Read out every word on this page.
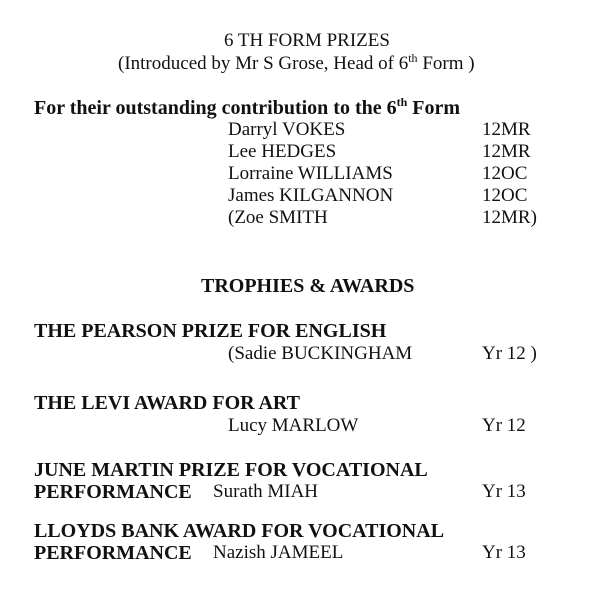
6 TH FORM PRIZES
(Introduced by Mr S Grose, Head of 6th Form )
For their outstanding contribution to the 6th Form
Darryl VOKES	12MR
Lee HEDGES	12MR
Lorraine WILLIAMS	12OC
James KILGANNON	12OC
(Zoe SMITH	12MR)
TROPHIES & AWARDS
THE PEARSON PRIZE FOR ENGLISH
(Sadie BUCKINGHAM	Yr 12 )
THE LEVI AWARD FOR ART
Lucy MARLOW	Yr 12
JUNE MARTIN PRIZE FOR VOCATIONAL
PERFORMANCE Surath MIAH	Yr 13
LLOYDS BANK AWARD FOR VOCATIONAL
PERFORMANCE Nazish JAMEEL	Yr 13
